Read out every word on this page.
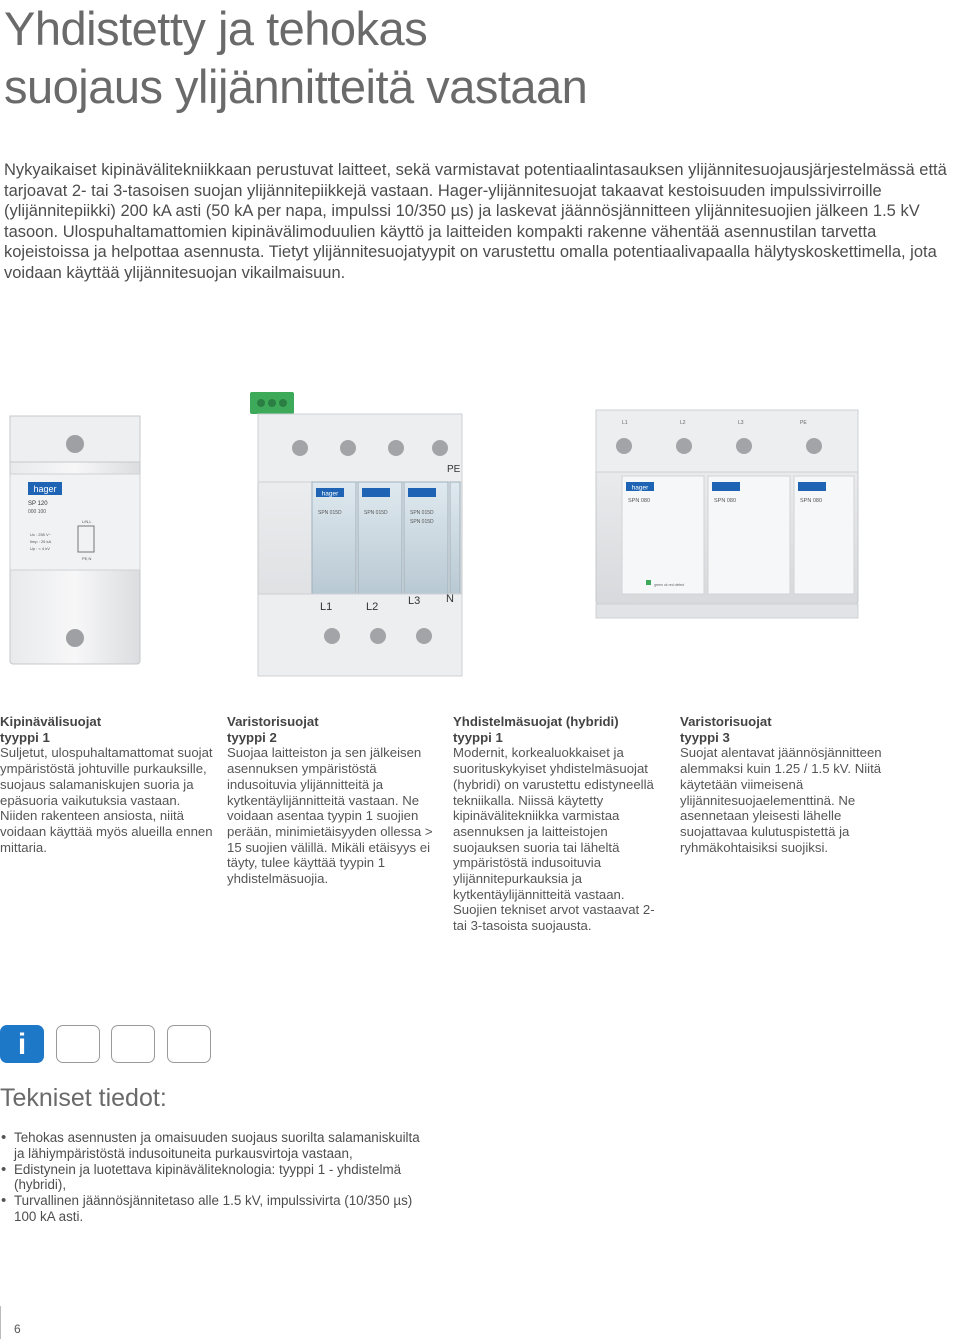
Yhdistetty ja tehokas
suojaus ylijännitteitä vastaan

Nykyaikaiset kipinävälitekniikkaan perustuvat laitteet, sekä varmistavat potentiaalintasauksen ylijännitesuojausjärjestelmässä että tarjoavat 2- tai 3-tasoisen suojan ylijännitepiikkejä vastaan. Hager-ylijännitesuojat takaavat kestoisuuden impulssivirroille (ylijännitepiikki) 200 kA asti (50 kA per napa, impulssi 10/350 µs) ja laskevat jäännösjännitteen ylijännitesuojien jälkeen 1.5 kV tasoon. Ulospuhaltamattomien kipinävälimoduulien käyttö ja laitteiden kompakti rakenne vähentää asennustilan tarvetta kojeistoissa ja helpottaa asennusta. Tietyt ylijännitesuojatyypit on varustettu omalla potentiaalivapaalla hälytyskoskettimella, jota voidaan käyttää ylijännitesuojan vikailmaisuun.

hager
SP 120
000 100
Uc : 255 V~
Iimp : 25 kA
Up : < 4 kV
L/N,L
PE,N
PE
hager
SPN 015D	SPN 015D	SPN 015D
SPN 015D
L1	L2	L3 N
L1	L2	L3	PE
hager
SPN 080	SPN 080	SPN 080
green ok red defect
Kipinävälisuojat
tyyppi 1

Suljetut, ulospuhaltamattomat suojat ympäristöstä johtuville purkauksille, suojaus salamaniskujen suoria ja epäsuoria vaikutuksia vastaan. Niiden rakenteen ansiosta, niitä voidaan käyttää myös alueilla ennen mittaria.

Varistorisuojat
tyyppi 2

Suojaa laitteiston ja sen jälkeisen asennuksen ympäristöstä indusoituvia ylijännitteitä ja kytkentäylijännitteitä vastaan. Ne voidaan asentaa tyypin 1 suojien perään, minimietäisyyden ollessa > 15 suojien välillä. Mikäli etäisyys ei täyty, tulee käyttää tyypin 1 yhdistelmäsuojia.

Yhdistelmäsuojat (hybridi)
tyyppi 1

Modernit, korkealuokkaiset ja suorituskykyiset yhdistelmäsuojat (hybridi) on varustettu edistyneellä tekniikalla. Niissä käytetty kipinävälitekniikka varmistaa asennuksen ja laitteistojen suojauksen suoria tai läheltä ympäristöstä indusoituvia ylijännitepurkauksia ja kytkentäylijännitteitä vastaan. Suojien tekniset arvot vastaavat 2- tai 3-tasoista suojausta.

Varistorisuojat
tyyppi 3

Suojat alentavat jäännösjännitteen alemmaksi kuin 1.25 / 1.5 kV. Niitä käytetään viimeisenä ylijännitesuojaelementtinä. Ne asennetaan yleisesti lähelle suojattavaa kulutuspistettä ja ryhmäkohtaisiksi suojiksi.

i
Tekniset tiedot:
• Tehokas asennusten ja omaisuuden suojaus suorilta salamaniskuilta ja lähiympäristöstä indusoituneita purkausvirtoja vastaan,
• Edistynein ja luotettava kipinäväliteknologia: tyyppi 1 - yhdistelmä (hybridi),
• Turvallinen jäännösjännitetaso alle 1.5 kV, impulssivirta (10/350 µs) 100 kA asti.
6
